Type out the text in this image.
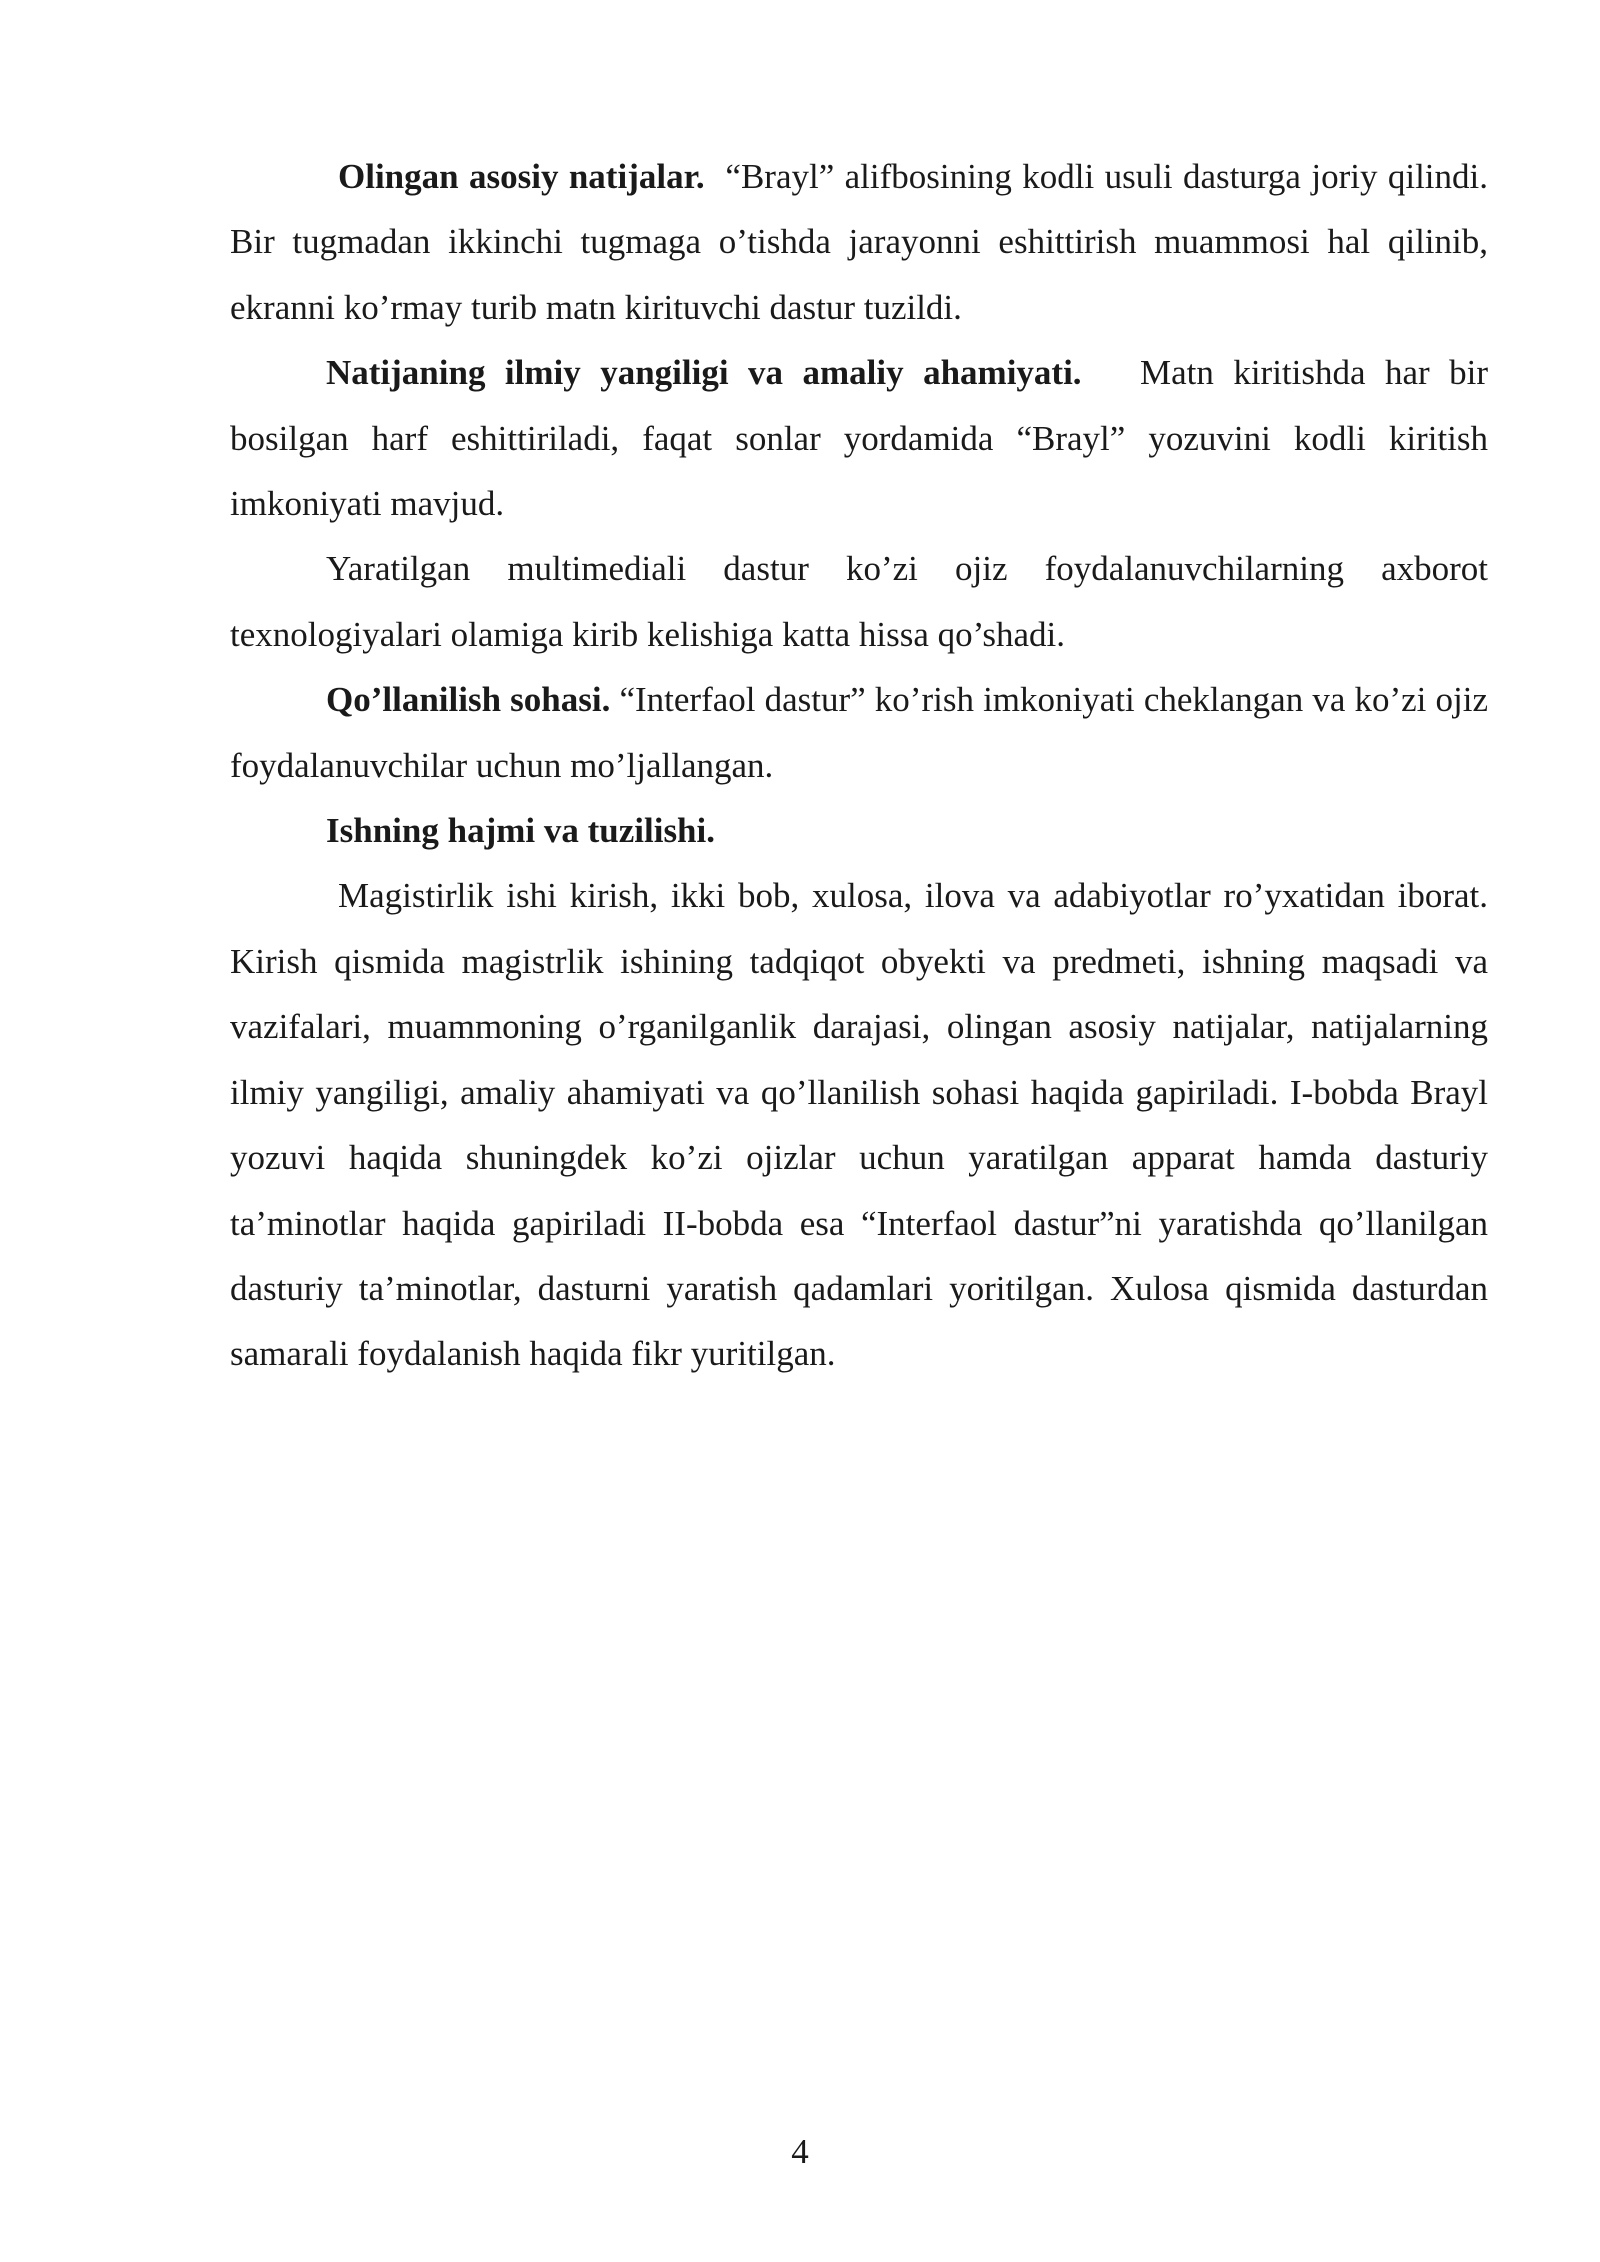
Olingan asosiy natijalar. “Brayl” alifbosining kodli usuli dasturga joriy qilindi. Bir tugmadan ikkinchi tugmaga o’tishda jarayonni eshittirish muammosi hal qilinib, ekranni ko’rmay turib matn kirituvchi dastur tuzildi.

Natijaning ilmiy yangiligi va amaliy ahamiyati. Matn kiritishda har bir bosilgan harf eshittiriladi, faqat sonlar yordamida “Brayl” yozuvini kodli kiritish imkoniyati mavjud.

Yaratilgan multimediali dastur ko’zi ojiz foydalanuvchilarning axborot texnologiyalari olamiga kirib kelishiga katta hissa qo’shadi.

Qo’llanilish sohasi. “Interfaol dastur” ko’rish imkoniyati cheklangan va ko’zi ojiz foydalanuvchilar uchun mo’ljallangan.

Ishning hajmi va tuzilishi.

Magistirlik ishi kirish, ikki bob, xulosa, ilova va adabiyotlar ro’yxatidan iborat. Kirish qismida magistrlik ishining tadqiqot obyekti va predmeti, ishning maqsadi va vazifalari, muammoning o’rganilganlik darajasi, olingan asosiy natijalar, natijalarning ilmiy yangiligi, amaliy ahamiyati va qo’llanilish sohasi haqida gapiriladi. I-bobda Brayl yozuvi haqida shuningdek ko’zi ojizlar uchun yaratilgan apparat hamda dasturiy ta’minotlar haqida gapiriladi II-bobda esa “Interfaol dastur”ni yaratishda qo’llanilgan dasturiy ta’minotlar, dasturni yaratish qadamlari yoritilgan. Xulosa qismida dasturdan samarali foydalanish haqida fikr yuritilgan.

4
